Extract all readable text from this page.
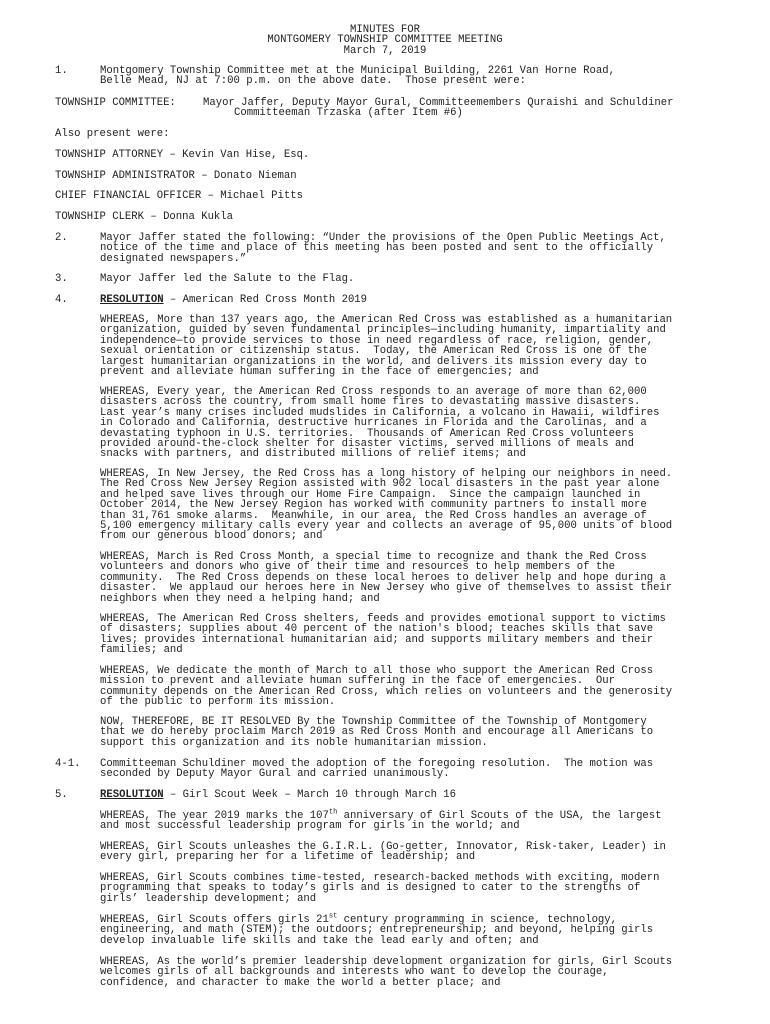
MINUTES FOR
MONTGOMERY TOWNSHIP COMMITTEE MEETING
March 7, 2019
1.	Montgomery Township Committee met at the Municipal Building, 2261 Van Horne Road,
Belle Mead, NJ at 7:00 p.m. on the above date.  Those present were:
TOWNSHIP COMMITTEE:	Mayor Jaffer, Deputy Mayor Gural, Committeemembers Quraishi and Schuldiner
Committeeman Trzaska (after Item #6)
Also present were:
TOWNSHIP ATTORNEY – Kevin Van Hise, Esq.
TOWNSHIP ADMINISTRATOR – Donato Nieman
CHIEF FINANCIAL OFFICER – Michael Pitts
TOWNSHIP CLERK – Donna Kukla
2.	Mayor Jaffer stated the following: “Under the provisions of the Open Public Meetings Act,
notice of the time and place of this meeting has been posted and sent to the officially
designated newspapers.”
3.	Mayor Jaffer led the Salute to the Flag.
4.	RESOLUTION – American Red Cross Month 2019
WHEREAS, More than 137 years ago, the American Red Cross was established as a humanitarian
organization, guided by seven fundamental principles—including humanity, impartiality and
independence—to provide services to those in need regardless of race, religion, gender,
sexual orientation or citizenship status.  Today, the American Red Cross is one of the
largest humanitarian organizations in the world, and delivers its mission every day to
prevent and alleviate human suffering in the face of emergencies; and
WHEREAS, Every year, the American Red Cross responds to an average of more than 62,000
disasters across the country, from small home fires to devastating massive disasters.
Last year’s many crises included mudslides in California, a volcano in Hawaii, wildfires
in Colorado and California, destructive hurricanes in Florida and the Carolinas, and a
devastating typhoon in U.S. territories.  Thousands of American Red Cross volunteers
provided around-the-clock shelter for disaster victims, served millions of meals and
snacks with partners, and distributed millions of relief items; and
WHEREAS, In New Jersey, the Red Cross has a long history of helping our neighbors in need.
The Red Cross New Jersey Region assisted with 902 local disasters in the past year alone
and helped save lives through our Home Fire Campaign.  Since the campaign launched in
October 2014, the New Jersey Region has worked with community partners to install more
than 31,761 smoke alarms.  Meanwhile, in our area, the Red Cross handles an average of
5,100 emergency military calls every year and collects an average of 95,000 units of blood
from our generous blood donors; and
WHEREAS, March is Red Cross Month, a special time to recognize and thank the Red Cross
volunteers and donors who give of their time and resources to help members of the
community.  The Red Cross depends on these local heroes to deliver help and hope during a
disaster.  We applaud our heroes here in New Jersey who give of themselves to assist their
neighbors when they need a helping hand; and
WHEREAS, The American Red Cross shelters, feeds and provides emotional support to victims
of disasters; supplies about 40 percent of the nation's blood; teaches skills that save
lives; provides international humanitarian aid; and supports military members and their
families; and
WHEREAS, We dedicate the month of March to all those who support the American Red Cross
mission to prevent and alleviate human suffering in the face of emergencies.  Our
community depends on the American Red Cross, which relies on volunteers and the generosity
of the public to perform its mission.
NOW, THEREFORE, BE IT RESOLVED By the Township Committee of the Township of Montgomery
that we do hereby proclaim March 2019 as Red Cross Month and encourage all Americans to
support this organization and its noble humanitarian mission.
4-1. Committeeman Schuldiner moved the adoption of the foregoing resolution.  The motion was
seconded by Deputy Mayor Gural and carried unanimously.
5.	RESOLUTION – Girl Scout Week – March 10 through March 16
WHEREAS, The year 2019 marks the 107th anniversary of Girl Scouts of the USA, the largest
and most successful leadership program for girls in the world; and
WHEREAS, Girl Scouts unleashes the G.I.R.L. (Go-getter, Innovator, Risk-taker, Leader) in
every girl, preparing her for a lifetime of leadership; and
WHEREAS, Girl Scouts combines time-tested, research-backed methods with exciting, modern
programming that speaks to today’s girls and is designed to cater to the strengths of
girls’ leadership development; and
WHEREAS, Girl Scouts offers girls 21st century programming in science, technology,
engineering, and math (STEM); the outdoors; entrepreneurship; and beyond, helping girls
develop invaluable life skills and take the lead early and often; and
WHEREAS, As the world’s premier leadership development organization for girls, Girl Scouts
welcomes girls of all backgrounds and interests who want to develop the courage,
confidence, and character to make the world a better place; and
